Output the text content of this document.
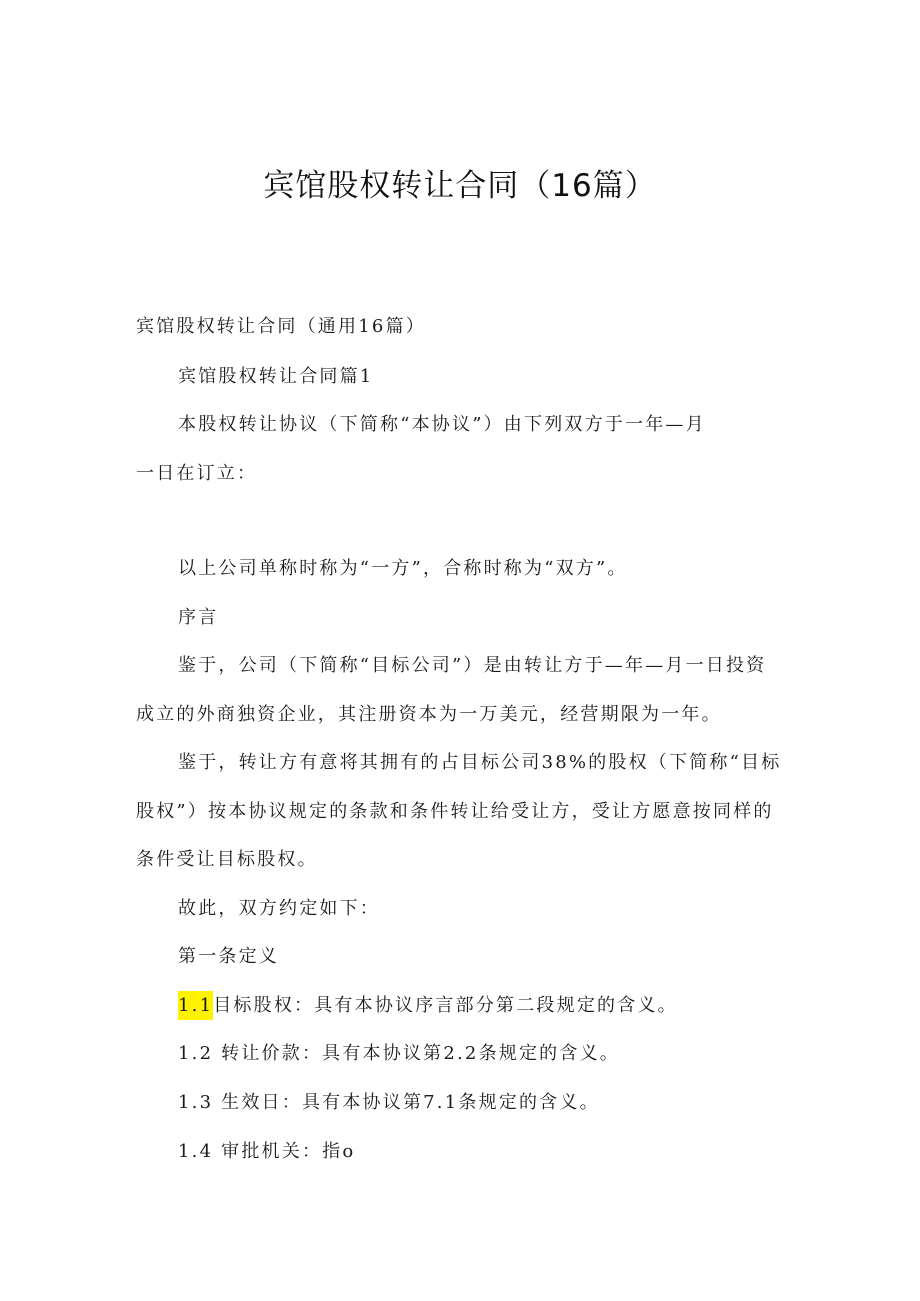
宾馆股权转让合同（16篇）
宾馆股权转让合同（通用16篇）
宾馆股权转让合同篇1
本股权转让协议（下简称“本协议”）由下列双方于一年—月
一日在订立：
以上公司单称时称为“一方”，合称时称为“双方”。
序言
鉴于，公司（下简称“目标公司”）是由转让方于—年—月一日投资
成立的外商独资企业，其注册资本为一万美元，经营期限为一年。
鉴于，转让方有意将其拥有的占目标公司38%的股权（下简称“目标
股权”）按本协议规定的条款和条件转让给受让方，受让方愿意按同样的
条件受让目标股权。
故此，双方约定如下：
第一条定义
1.1目标股权：具有本协议序言部分第二段规定的含义。
1.2 转让价款：具有本协议第2.2条规定的含义。
1.3 生效日：具有本协议第7.1条规定的含义。
1.4 审批机关：指o
